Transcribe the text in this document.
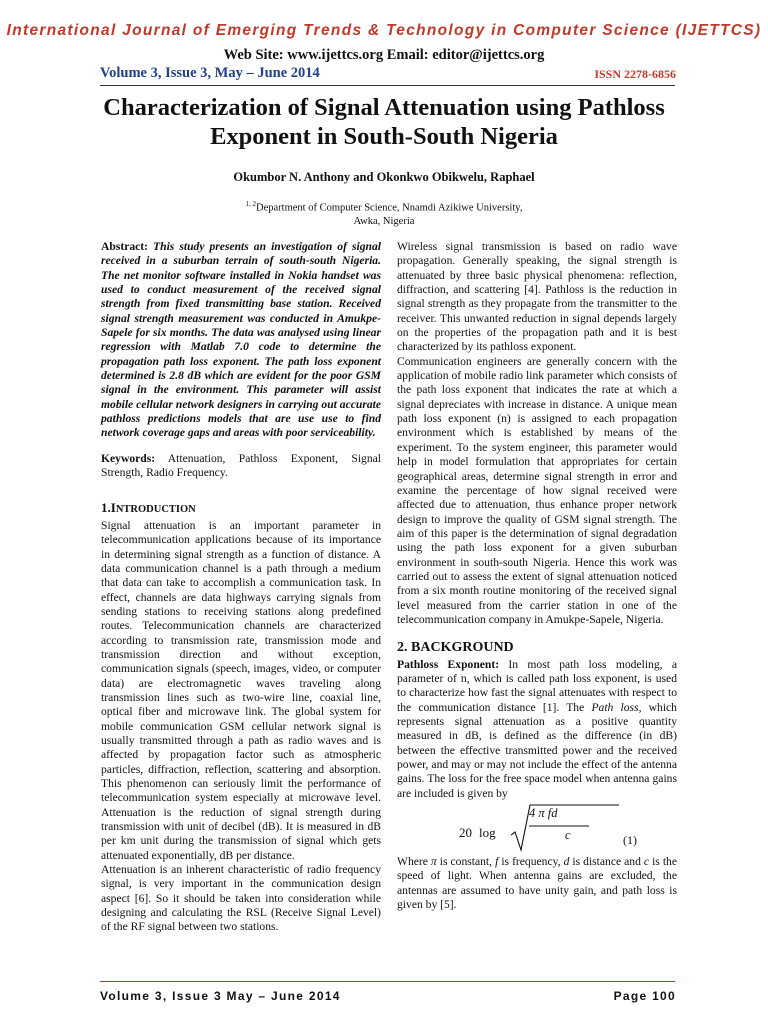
International Journal of Emerging Trends & Technology in Computer Science (IJETTCS)
Web Site: www.ijettcs.org Email: editor@ijettcs.org
Volume 3, Issue 3, May – June 2014	ISSN 2278-6856
Characterization of Signal Attenuation using Pathloss Exponent in South-South Nigeria
Okumbor N. Anthony and Okonkwo Obikwelu, Raphael
$^{1, 2}$Department of Computer Science, Nnamdi Azikiwe University,
Awka, Nigeria

Abstract: This study presents an investigation of signal received in a suburban terrain of south-south Nigeria. The net monitor software installed in Nokia handset was used to conduct measurement of the received signal strength from fixed transmitting base station. Received signal strength measurement was conducted in Amukpe-Sapele for six months. The data was analysed using linear regression with Matlab 7.0 code to determine the propagation path loss exponent. The path loss exponent determined is 2.8 dB which are evident for the poor GSM signal in the environment. This parameter will assist mobile cellular network designers in carrying out accurate pathloss predictions models that are use use to find network coverage gaps and areas with poor serviceability.

Keywords: Attenuation, Pathloss Exponent, Signal Strength, Radio Frequency.

1.INTRODUCTION

Signal attenuation is an important parameter in telecommunication applications because of its importance in determining signal strength as a function of distance. A data communication channel is a path through a medium that data can take to accomplish a communication task. In effect, channels are data highways carrying signals from sending stations to receiving stations along predefined routes. Telecommunication channels are characterized according to transmission rate, transmission mode and transmission direction and without exception, communication signals (speech, images, video, or computer data) are electromagnetic waves traveling along transmission lines such as two-wire line, coaxial line, optical fiber and microwave link. The global system for mobile communication GSM cellular network signal is usually transmitted through a path as radio waves and is affected by propagation factor such as atmospheric particles, diffraction, reflection, scattering and absorption. This phenomenon can seriously limit the performance of telecommunication system especially at microwave level. Attenuation is the reduction of signal strength during transmission with unit of decibel (dB). It is measured in dB per km unit during the transmission of signal which gets attenuated exponentially, dB per distance.

Attenuation is an inherent characteristic of radio frequency signal, is very important in the communication design aspect [6]. So it should be taken into consideration while designing and calculating the RSL (Receive Signal Level) of the RF signal between two stations.

Wireless signal transmission is based on radio wave propagation. Generally speaking, the signal strength is attenuated by three basic physical phenomena: reflection, diffraction, and scattering [4]. Pathloss is the reduction in signal strength as they propagate from the transmitter to the receiver. This unwanted reduction in signal depends largely on the properties of the propagation path and it is best characterized by its pathloss exponent.

Communication engineers are generally concern with the application of mobile radio link parameter which consists of the path loss exponent that indicates the rate at which a signal depreciates with increase in distance. A unique mean path loss exponent (n) is assigned to each propagation environment which is established by means of the experiment. To the system engineer, this parameter would help in model formulation that appropriates for certain geographical areas, determine signal strength in error and examine the percentage of how signal received were affected due to attenuation, thus enhance proper network design to improve the quality of GSM signal strength. The aim of this paper is the determination of signal degradation using the path loss exponent for a given suburban environment in south-south Nigeria. Hence this work was carried out to assess the extent of signal attenuation noticed from a six month routine monitoring of the received signal level measured from the carrier station in one of the telecommunication company in Amukpe-Sapele, Nigeria.

2. BACKGROUND

Pathloss Exponent: In most path loss modeling, a parameter of n, which is called path loss exponent, is used to characterize how fast the signal attenuates with respect to the communication distance [1]. The Path loss, which represents signal attenuation as a positive quantity measured in dB, is defined as the difference (in dB) between the effective transmitted power and the received power, and may or may not include the effect of the antenna gains. The loss for the free space model when antenna gains are included is given by

20 log
4 π fd
c	(1)

Where π is constant, f is frequency, d is distance and c is the speed of light. When antenna gains are excluded, the antennas are assumed to have unity gain, and path loss is given by [5].

Volume 3, Issue 3 May – June 2014	Page 100
